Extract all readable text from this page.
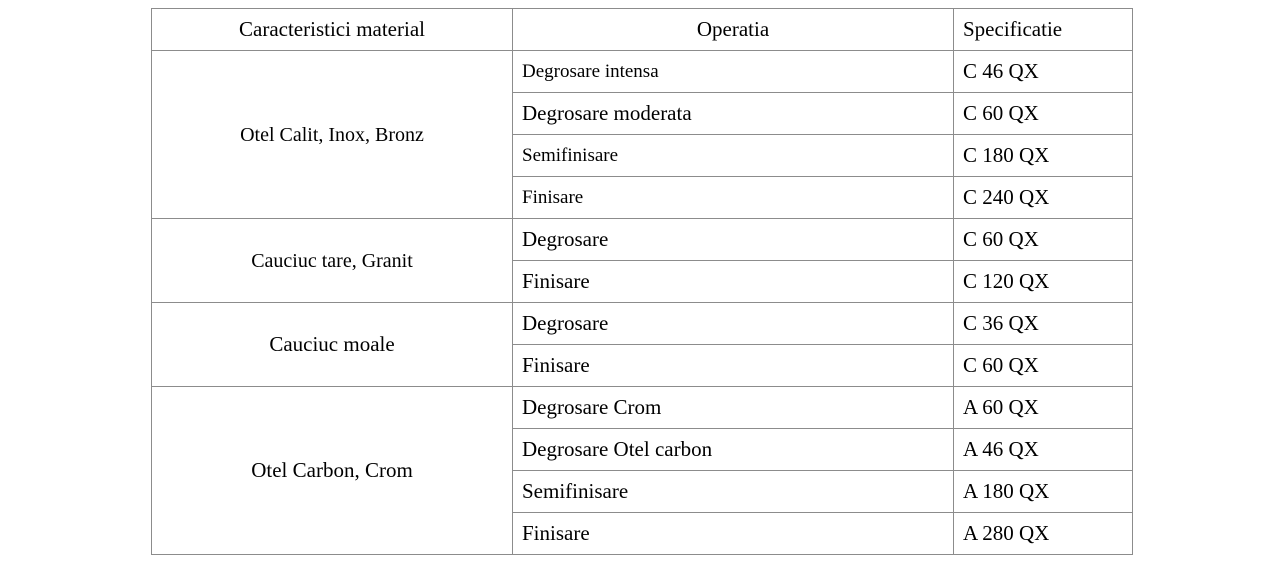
Caracteristici material	Operatia	Specificatie
Otel Calit, Inox, Bronz	Degrosare intensa	C 46 QX
	Degrosare moderata	C 60 QX
	Semifinisare	C 180 QX
	Finisare	C 240 QX
Cauciuc tare, Granit	Degrosare	C 60 QX
	Finisare	C 120 QX
Cauciuc moale	Degrosare	C 36 QX
	Finisare	C 60 QX
Otel Carbon, Crom	Degrosare Crom	A 60 QX
	Degrosare Otel carbon	A 46 QX
	Semifinisare	A 180 QX
	Finisare	A 280 QX
